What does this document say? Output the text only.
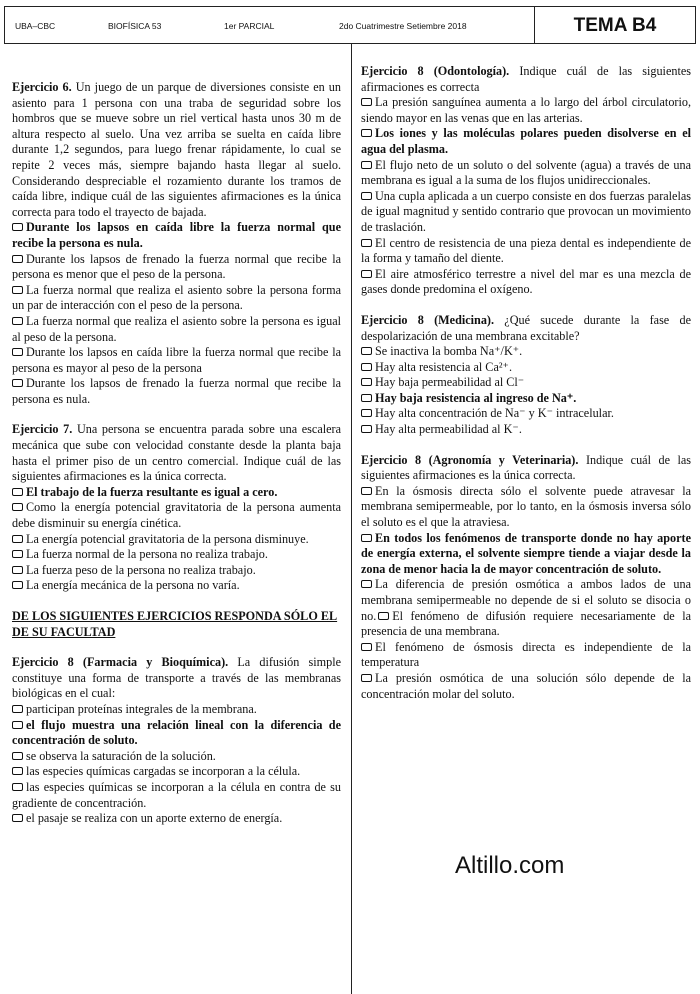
UBA–CBC	BIOFÍSICA 53	1er PARCIAL	2do Cuatrimestre Setiembre 2018	TEMA B4

Ejercicio 6. Un juego de un parque de diversiones consiste en un asiento para 1 persona con una traba de seguridad sobre los hombros que se mueve sobre un riel vertical hasta unos 30 m de altura respecto al suelo. Una vez arriba se suelta en caída libre durante 1,2 segundos, para luego frenar rápidamente, lo cual se repite 2 veces más, siempre bajando hasta llegar al suelo. Considerando despreciable el rozamiento durante los tramos de caída libre, indique cuál de las siguientes afirmaciones es la única correcta para todo el trayecto de bajada.

Durante los lapsos en caída libre la fuerza normal que recibe la persona es nula.

Durante los lapsos de frenado la fuerza normal que recibe la persona es menor que el peso de la persona.

La fuerza normal que realiza el asiento sobre la persona forma un par de interacción con el peso de la persona.

La fuerza normal que realiza el asiento sobre la persona es igual al peso de la persona.

Durante los lapsos en caída libre la fuerza normal que recibe la persona es mayor al peso de la persona

Durante los lapsos de frenado la fuerza normal que recibe la persona es nula.

Ejercicio 7. Una persona se encuentra parada sobre una escalera mecánica que sube con velocidad constante desde la planta baja hasta el primer piso de un centro comercial. Indique cuál de las siguientes afirmaciones es la única correcta.

El trabajo de la fuerza resultante es igual a cero.

Como la energía potencial gravitatoria de la persona aumenta debe disminuir su energía cinética.

La energía potencial gravitatoria de la persona disminuye.

La fuerza normal de la persona no realiza trabajo.

La fuerza peso de la persona no realiza trabajo.

La energía mecánica de la persona no varía.

DE LOS SIGUIENTES EJERCICIOS RESPONDA SÓLO EL DE SU FACULTAD

Ejercicio 8 (Farmacia y Bioquímica). La difusión simple constituye una forma de transporte a través de las membranas biológicas en el cual:

participan proteínas integrales de la membrana.

el flujo muestra una relación lineal con la diferencia de concentración de soluto.

se observa la saturación de la solución.

las especies químicas cargadas se incorporan a la célula.

las especies químicas se incorporan a la célula en contra de su gradiente de concentración.

el pasaje se realiza con un aporte externo de energía.

Ejercicio 8 (Odontología). Indique cuál de las siguientes afirmaciones es correcta

La presión sanguínea aumenta a lo largo del árbol circulatorio, siendo mayor en las venas que en las arterias.

Los iones y las moléculas polares pueden disolverse en el agua del plasma.

El flujo neto de un soluto o del solvente (agua) a través de una membrana es igual a la suma de los flujos unidireccionales.

Una cupla aplicada a un cuerpo consiste en dos fuerzas paralelas de igual magnitud y sentido contrario que provocan un movimiento de traslación.

El centro de resistencia de una pieza dental es independiente de la forma y tamaño del diente.

El aire atmosférico terrestre a nivel del mar es una mezcla de gases donde predomina el oxígeno.

Ejercicio 8 (Medicina). ¿Qué sucede durante la fase de despolarización de una membrana excitable?

Se inactiva la bomba Na⁺/K⁺.

Hay alta resistencia al Ca²⁺.

Hay baja permeabilidad al Cl⁻

Hay baja resistencia al ingreso de Na⁺.

Hay alta concentración de Na⁻ y K⁻ intracelular.

Hay alta permeabilidad al K⁻.

Ejercicio 8 (Agronomía y Veterinaria). Indique cuál de las siguientes afirmaciones es la única correcta.

En la ósmosis directa sólo el solvente puede atravesar la membrana semipermeable, por lo tanto, en la ósmosis inversa sólo el soluto es el que la atraviesa.

En todos los fenómenos de transporte donde no hay aporte de energía externa, el solvente siempre tiende a viajar desde la zona de menor hacia la de mayor concentración de soluto.

La diferencia de presión osmótica a ambos lados de una membrana semipermeable no depende de si el soluto se disocia o no. El fenómeno de difusión requiere necesariamente de la presencia de una membrana.

El fenómeno de ósmosis directa es independiente de la temperatura

La presión osmótica de una solución sólo depende de la concentración molar del soluto.

Altillo.com
